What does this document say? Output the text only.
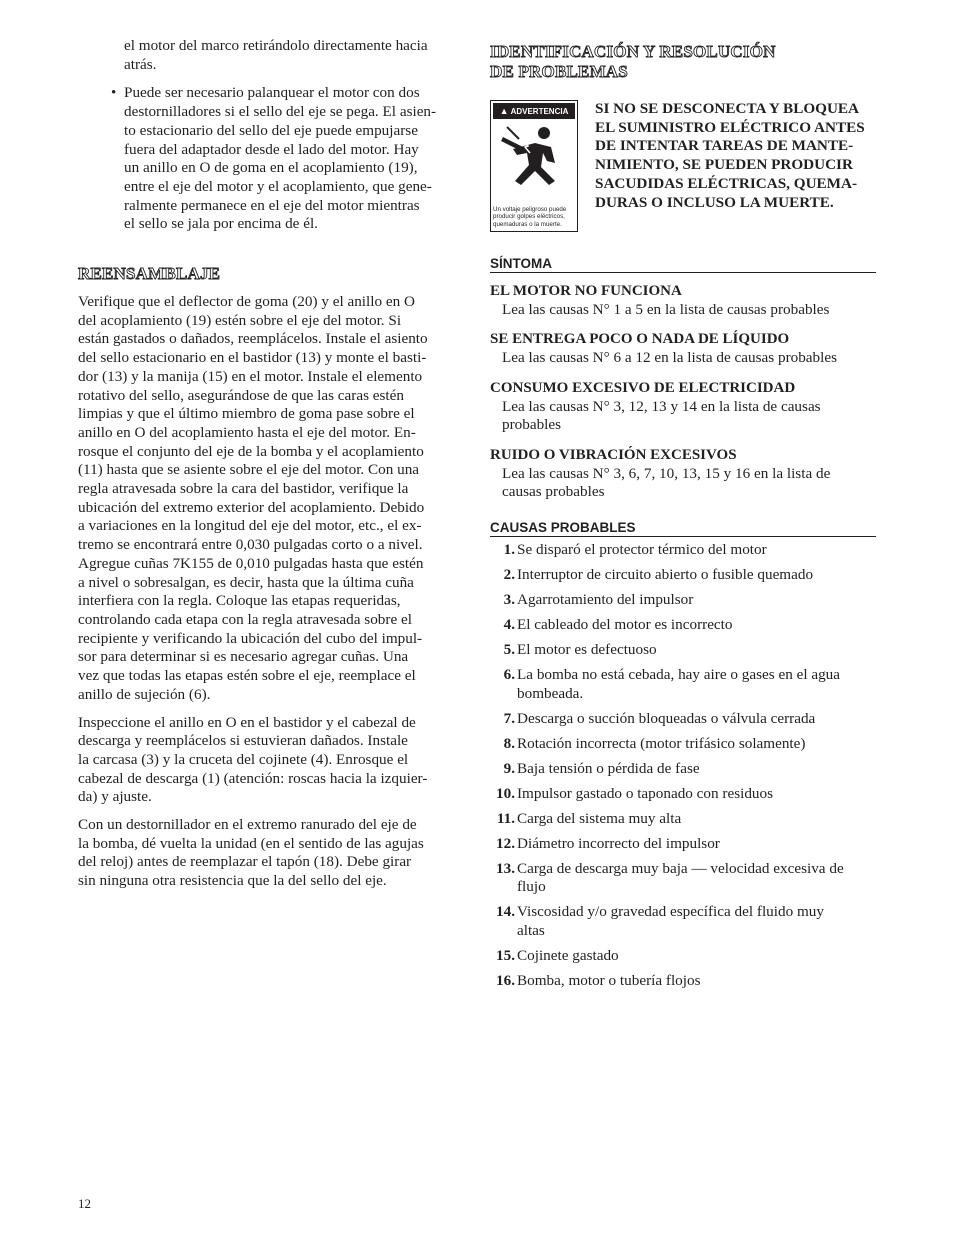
el motor del marco retirándolo directamente hacia
atrás.

• Puede ser necesario palanquear el motor con dos
destornilladores si el sello del eje se pega. El asien-
to estacionario del sello del eje puede empujarse
fuera del adaptador desde el lado del motor. Hay
un anillo en O de goma en el acoplamiento (19),
entre el eje del motor y el acoplamiento, que gene-
ralmente permanece en el eje del motor mientras
el sello se jala por encima de él.
REENSAMBLAJE

Verifique que el deflector de goma (20) y el anillo en O
del acoplamiento (19) estén sobre el eje del motor. Si
están gastados o dañados, reemplácelos. Instale el asiento
del sello estacionario en el bastidor (13) y monte el basti-
dor (13) y la manija (15) en el motor. Instale el elemento
rotativo del sello, asegurándose de que las caras estén
limpias y que el último miembro de goma pase sobre el
anillo en O del acoplamiento hasta el eje del motor. En-
rosque el conjunto del eje de la bomba y el acoplamiento
(11) hasta que se asiente sobre el eje del motor. Con una
regla atravesada sobre la cara del bastidor, verifique la
ubicación del extremo exterior del acoplamiento. Debido
a variaciones en la longitud del eje del motor, etc., el ex-
tremo se encontrará entre 0,030 pulgadas corto o a nivel.
Agregue cuñas 7K155 de 0,010 pulgadas hasta que estén
a nivel o sobresalgan, es decir, hasta que la última cuña
interfiera con la regla. Coloque las etapas requeridas,
controlando cada etapa con la regla atravesada sobre el
recipiente y verificando la ubicación del cubo del impul-
sor para determinar si es necesario agregar cuñas. Una
vez que todas las etapas estén sobre el eje, reemplace el
anillo de sujeción (6).

Inspeccione el anillo en O en el bastidor y el cabezal de
descarga y reemplácelos si estuvieran dañados. Instale
la carcasa (3) y la cruceta del cojinete (4). Enrosque el
cabezal de descarga (1) (atención: roscas hacia la izquier-
da) y ajuste.

Con un destornillador en el extremo ranurado del eje de
la bomba, dé vuelta la unidad (en el sentido de las agujas
del reloj) antes de reemplazar el tapón (18). Debe girar
sin ninguna otra resistencia que la del sello del eje.

IDENTIFICACIÓN Y RESOLUCIÓN
DE PROBLEMAS
▲ ADVERTENCIA
Un voltaje peligroso puede
producir golpes eléctricos,
quemaduras o la muerte.

SI NO SE DESCONECTA Y BLOQUEA
EL SUMINISTRO ELÉCTRICO ANTES
DE INTENTAR TAREAS DE MANTE-
NIMIENTO, SE PUEDEN PRODUCIR
SACUDIDAS ELÉCTRICAS, QUEMA-
DURAS O INCLUSO LA MUERTE.

SÍNTOMA
EL MOTOR NO FUNCIONA
Lea las causas N° 1 a 5 en la lista de causas probables
SE ENTREGA POCO O NADA DE LÍQUIDO
Lea las causas N° 6 a 12 en la lista de causas probables
CONSUMO EXCESIVO DE ELECTRICIDAD
Lea las causas N° 3, 12, 13 y 14 en la lista de causas
probables
RUIDO O VIBRACIÓN EXCESIVOS
Lea las causas N° 3, 6, 7, 10, 13, 15 y 16 en la lista de
causas probables
CAUSAS PROBABLES
1. Se disparó el protector térmico del motor
2. Interruptor de circuito abierto o fusible quemado
3. Agarrotamiento del impulsor
4. El cableado del motor es incorrecto
5. El motor es defectuoso
6. La bomba no está cebada, hay aire o gases en el agua
bombeada.
7. Descarga o succión bloqueadas o válvula cerrada
8. Rotación incorrecta (motor trifásico solamente)
9. Baja tensión o pérdida de fase
10. Impulsor gastado o taponado con residuos
11. Carga del sistema muy alta
12. Diámetro incorrecto del impulsor
13. Carga de descarga muy baja — velocidad excesiva de
flujo
14. Viscosidad y/o gravedad específica del fluido muy
altas
15. Cojinete gastado
16. Bomba, motor o tubería flojos
12
